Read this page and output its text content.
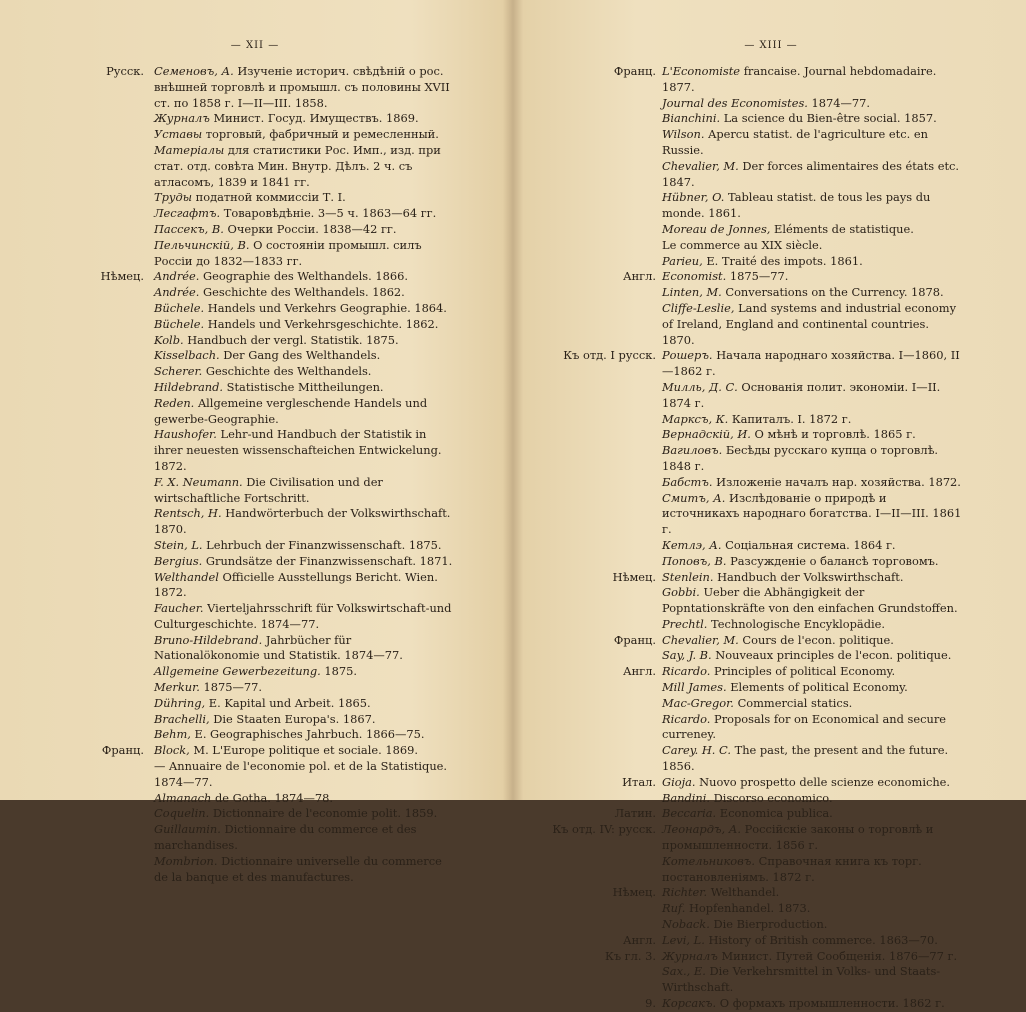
— XII —
Русск. Семеновъ, А. Изученіе историч. свѣдѣній о рос. внѣшней торговлѣ и промышл. съ половины XVII ст. по 1858 г. I—II—III. 1858.
Журналъ Минист. Госуд. Имуществъ. 1869.
Уставы торговый, фабричный и ремесленный.
Матеріалы для статистики Рос. Имп., изд. при стат. отд. совѣта Мин. Внутр. Дѣлъ. 2 ч. съ атласомъ, 1839 и 1841 гг.
Труды податной коммиссіи Т. I.
Лесгафтъ. Товаровѣдѣніе. 3—5 ч. 1863—64 гг.
Пассекъ, В. Очерки Россіи. 1838—42 гг.
Пельчинскій, В. О состояніи промышл. силъ Россіи до 1832—1833 гг.
Нѣмец. Andrée. Geographie des Welthandels. 1866.
Andrée. Geschichte des Welthandels. 1862.
Büchele. Handels und Verkehrs Geographie. 1864.
Büchele. Handels und Verkehrsgeschichte. 1862.
Kolb. Handbuch der vergl. Statistik. 1875.
Kisselbach. Der Gang des Welthandels.
Scherer. Geschichte des Welthandels.
Hildebrand. Statistische Mittheilungen.
Reden. Allgemeine vergleschende Handels und gewerbe-Geographie.
Haushofer. Lehr-und Handbuch der Statistik in ihrer neuesten wissenschafteichen Entwickelung. 1872.
F. X. Neumann. Die Civilisation und der wirtschaftliche Fortschritt.
Rentsch, H. Handwörterbuch der Volkswirthschaft. 1870.
Stein, L. Lehrbuch der Finanzwissenschaft. 1875.
Bergius. Grundsätze der Finanzwissenschaft. 1871.
Welthandel Officielle Ausstellungs Bericht. Wien. 1872.
Faucher. Vierteljahrsschrift für Volkswirtschaft-und Culturgeschichte. 1874—77.
Bruno-Hildebrand. Jahrbücher für Nationalökonomie und Statistik. 1874—77.
Allgemeine Gewerbezeitung. 1875.
Merkur. 1875—77.
Dühring, E. Kapital und Arbeit. 1865.
Brachelli, Die Staaten Europa's. 1867.
Behm, E. Geographisches Jahrbuch. 1866—75.
Франц. Block, M. L'Europe politique et sociale. 1869.
— Annuaire de l'economie pol. et de la Statistique. 1874—77.
Almanach de Gotha. 1874—78.
Coquelin. Dictionnaire de l'economie polit. 1859.
Guillaumin. Dictionnaire du commerce et des marchandises.
Mombrion. Dictionnaire universelle du commerce de la banque et des manufactures.
— XIII —
Франц. L'Economiste francaise. Journal hebdomadaire. 1877.
Journal des Economistes. 1874—77.
Bianchini. La science du Bien-être social. 1857.
Wilson. Apercu statist. de l'agriculture etc. en Russie.
Chevalier, M. Der forces alimentaires des états etc. 1847.
Hübner, O. Tableau statist. de tous les pays du monde. 1861.
Moreau de Jonnes, Eléments de statistique.
Le commerce au XIX siècle.
Parieu, E. Traité des impots. 1861.
Англ. Economist. 1875—77.
Linten, M. Conversations on the Currency. 1878.
Cliffe-Leslie, Land systems and industrial economy of Ireland, England and continental countries. 1870.
Къ отд. I русск. Рошеръ. Начала народнаго хозяйства. I—1860, II—1862 г.
Милль, Д. С. Основанія полит. экономіи. I—II. 1874 г.
Марксъ, К. Капиталъ. I. 1872 г.
Вернадскій, И. О мѣнѣ и торговлѣ. 1865 г.
Вагиловъ. Бесѣды русскаго купца о торговлѣ. 1848 г.
Бабстъ. Изложеніе началъ нар. хозяйства. 1872.
Смитъ, А. Изслѣдованіе о природѣ и источникахъ народнаго богатства. I—II—III. 1861 г.
Кетлэ, А. Соціальная система. 1864 г.
Поповъ, В. Разсужденіе о балансѣ торговомъ.
Нѣмец. Stenlein. Handbuch der Volkswirthschaft.
Gobbi. Ueber die Abhängigkeit der Popntationskräfte von den einfachen Grundstoffen.
Prechtl. Technologische Encyklopädie.
Франц. Chevalier, M. Cours de l'econ. politique.
Say, J. B. Nouveaux principles de l'econ. politique.
Англ. Ricardo. Principles of political Economy.
Mill James. Elements of political Economy.
Mac-Gregor. Commercial statics.
Ricardo. Proposals for on Economical and secure curreney.
Carey. H. C. The past, the present and the future. 1856.
Итал. Gioja. Nuovo prospetto delle scienze economiche.
Bandini. Discorso economico.
Латин. Beccaria. Economica publica.
Къ отд. IV: русск. Леонардъ, А. Россійскіе законы о торговлѣ и промышленности. 1856 г.
Котельниковъ. Справочная книга къ торг. постановленіямъ. 1872 г.
Нѣмец. Richter. Welthandel.
Ruf. Hopfenhandel. 1873.
Noback. Die Bierproduction.
Англ. Levi, L. History of British commerce. 1863—70.
Къ гл. 3. Журналъ Минист. Путей Сообщенія. 1876—77 г.
Sax., E. Die Verkehrsmittel in Volks- und Staats-Wirthschaft.
9. Корсакъ. О формахъ промышленности. 1862 г.
